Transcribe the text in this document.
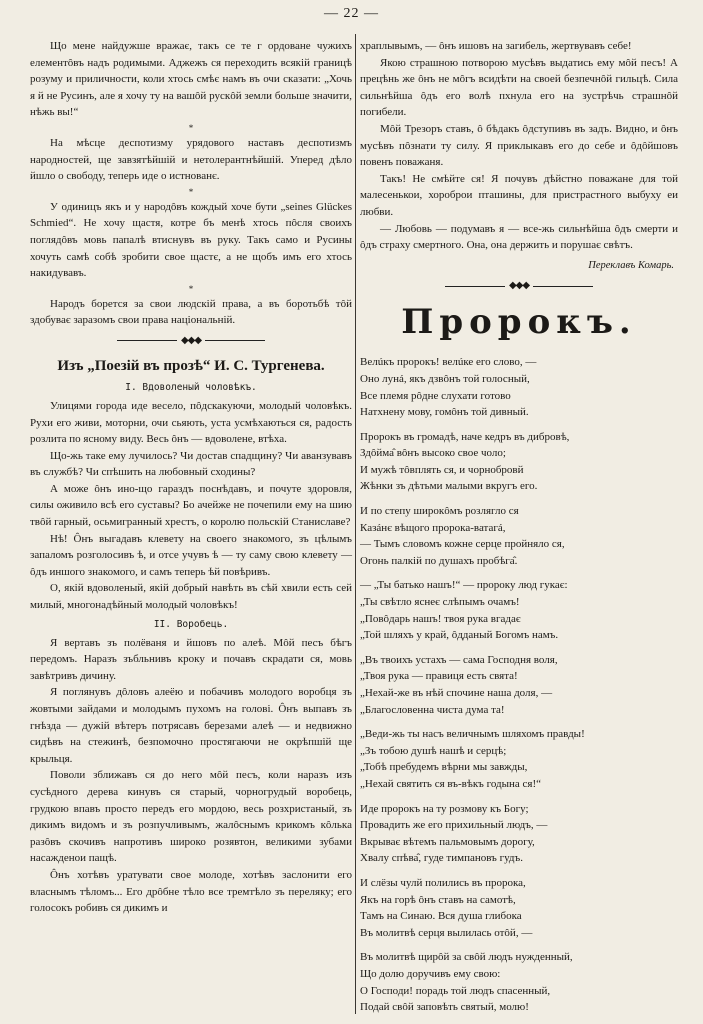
— 22 —

Що мене найдужше вражає, такъ се те г ордоване чужихъ елементôвъ надъ родимыми. Аджежъ ся переходить всякій границѣ розуму и приличности, коли хтось смѣє намъ въ очи сказати: „Хочь я й не Русинъ, але я хочу ту на вашôй рускôй земли больше значити, нѣжь вы!“

*

На мѣсце деспотизму урядового наставъ деспотизмъ народностей, ще завзятѣйшій и нетолерантнѣйшій. Уперед дѣло йшло о свободу, теперь иде о истнованє.

*

У одиницъ якъ и у народôвъ кождый хоче бути „seines Glückes Schmied“. Не хочу щастя, котре бъ менѣ хтось пôсля своихъ поглядôвъ мовь папалѣ втиснувъ въ руку. Такъ само и Русины хочуть самѣ собѣ зробити свое щастє, а не щобъ имъ его хтось накидувавъ.

*

Народъ борется за свои людскій права, а въ боротьбѣ тôй здобуває заразомъ свои права національній.

◆◆◆
Изъ „Поезій въ прозѣ“ И. С. Тургенева.
I. Вдоволеный чоловѣкъ.

Улицями города иде весело, пôдскакуючи, молодый чоловѣкъ. Рухи его живи, моторни, очи сьяють, уста усмѣхаються ся, радость розлита по ясному виду. Весь ôнъ — вдоволене, втѣха.

Що-жь таке ему лучилось? Чи достав спадщину? Чи аванзувавъ въ службѣ? Чи спѣшить на любовный сходины?

А може ôнъ ино-що гараздъ поснѣдавъ, и почуте здоровля, силы оживило всѣ его суставы? Бо ачейже не почепили ему на шию твôй гарный, осьмигранный хрестъ, о королю польскій Станиславе?

Нѣ! Ôнъ выгадавъ клевету на своего знакомого, зъ цѣлымъ запаломъ розголосивъ ѣ, и отсе учувъ ѣ — ту саму свою клевету — ôдъ иншого знакомого, и самъ теперь ѣй повѣривъ.

О, якій вдоволеный, якій добрый навѣть въ сѣй хвили есть сей милый, многонадѣйный молодый чоловѣкъ!

II. Воробець.

Я вертавъ зъ полёваня и йшовъ по алеѣ. Мôй песъ бѣгъ передомъ. Наразъ зъбльнивъ кроку и почавъ скрадати ся, мовь завѣтривъ дичину.

Я поглянувъ дôловъ алеёю и побачивъ молодого воробця зъ жовтыми зайдами и молодымъ пухомъ на голові. Ôнъ выпавъ зъ гнѣзда — дужій вѣтеръ потрясавъ березами алеѣ — и недвижно сидѣвъ на стежинѣ, безпомочно простягаючи не окрѣпшій ще крыльця.

Поволи зближавъ ся до него мôй песъ, коли наразъ изъ сусѣдного дерева кинувъ ся старый, чорногрудый воробець, грудкою впавъ просто передъ его мордою, весь розхристаный, зъ дикимъ видомъ и зъ розпучливымъ, жалôснымъ крикомъ кôлька разôвъ скочивъ напротивъ широко розявтон, великими зубами насажденои пащѣ.

Ôнъ хотѣвъ уратувати свое молоде, хотѣвъ заслонити его власнымъ тѣломъ... Его дрôбне тѣло все тремтѣло зъ переляку; его голосокъ робивъ ся дикимъ и

храплывымъ, — ôнъ ишовъ на загибель, жертвувавъ себе!

Якою страшною потворою мусѣвъ выдатись ему мôй песъ! А прецѣнь же ôнъ не мôгъ всидѣти на своей безпечнôй гильцѣ. Сила сильнѣйша ôдъ его волѣ пхнула его на зустрѣчь страшнôй погибели.

Мôй Трезоръ ставъ, ô бѣдакъ ôдступивъ въ задъ. Видно, и ôнъ мусѣвъ пôзнати ту силу. Я приклыкавъ его до себе и ôдôйшовъ повенъ поважаня.

Такъ! Не смѣйте ся! Я почувъ дѣйстно поважане для той малесенькои, хороброи пташины, для пристрастного выбуху еи любви.

— Любовь — подумавъ я — все-жь сильнѣйша ôдъ смерти и ôдъ страху смертного. Она, она держить и порушає свѣтъ.

Переклавъ Комарь.
◆◆◆
Пророкъ.
Велúкъ пророкъ! велúке его слово, —
Оно лунá, якъ дзвôнъ той голосный,
Все племя рôдне слухати готово
Натхнену мову, гомôнъ той дивный.
Пророкъ въ громадѣ, наче кедръ въ дибровѣ,
Здôйма̂ вôнъ высоко свое чоло;
И мужѣ тôвплять ся, и чорнобровй
Жѣнки зъ дѣтьми малыми вкругъ его.
И по степу широкôмъ розлягло ся
Казáнє вѣщого пророка-ватагá,
— Тымъ словомъ кожне серце пройняло ся,
Огонь палкій по душахъ пробѣга̂.
— „Ты батько нашъ!“ — пророку люд гукає:
„Ты свѣтло яснеє слѣпымъ очамъ!
„Повôдарь нашъ! твоя рука вгадає
„Той шляхъ у край, ôдданый Богомъ намъ.
„Въ твоихъ устахъ — сама Господня воля,
„Твоя рука — правиця есть свята!
„Нехай-же въ нѣй спочине наша доля, —
„Благословенна чиста дума та!
„Веди-жь ты насъ величнымъ шляхомъ правды!
„Зъ тобою душѣ нашѣ и серцѣ;
„Тобѣ пребудемъ вѣрни мы завжды,
„Нехай святить ся въ-вѣкъ годына ся!“
Иде пророкъ на ту розмову къ Богу;
Провадить же его прихильный людъ, —
Вкрыває вѣтемъ пальмовымъ дорогу,
Хвалу спѣва̂, гуде тимпановъ гудъ.
И слёзы чулй полились въ пророка,
Якъ на горѣ ôнъ ставъ на самотѣ,
Тамъ на Синаю. Вся душа глибока
Въ молитвѣ серця вылилась отôй, —
Въ молитвѣ щирôй за свôй людъ нужденный,
Що долю доручивъ ему свою:
О Господи! порадь той людъ спасенный,
Подай свôй заповѣть святый, молю!
